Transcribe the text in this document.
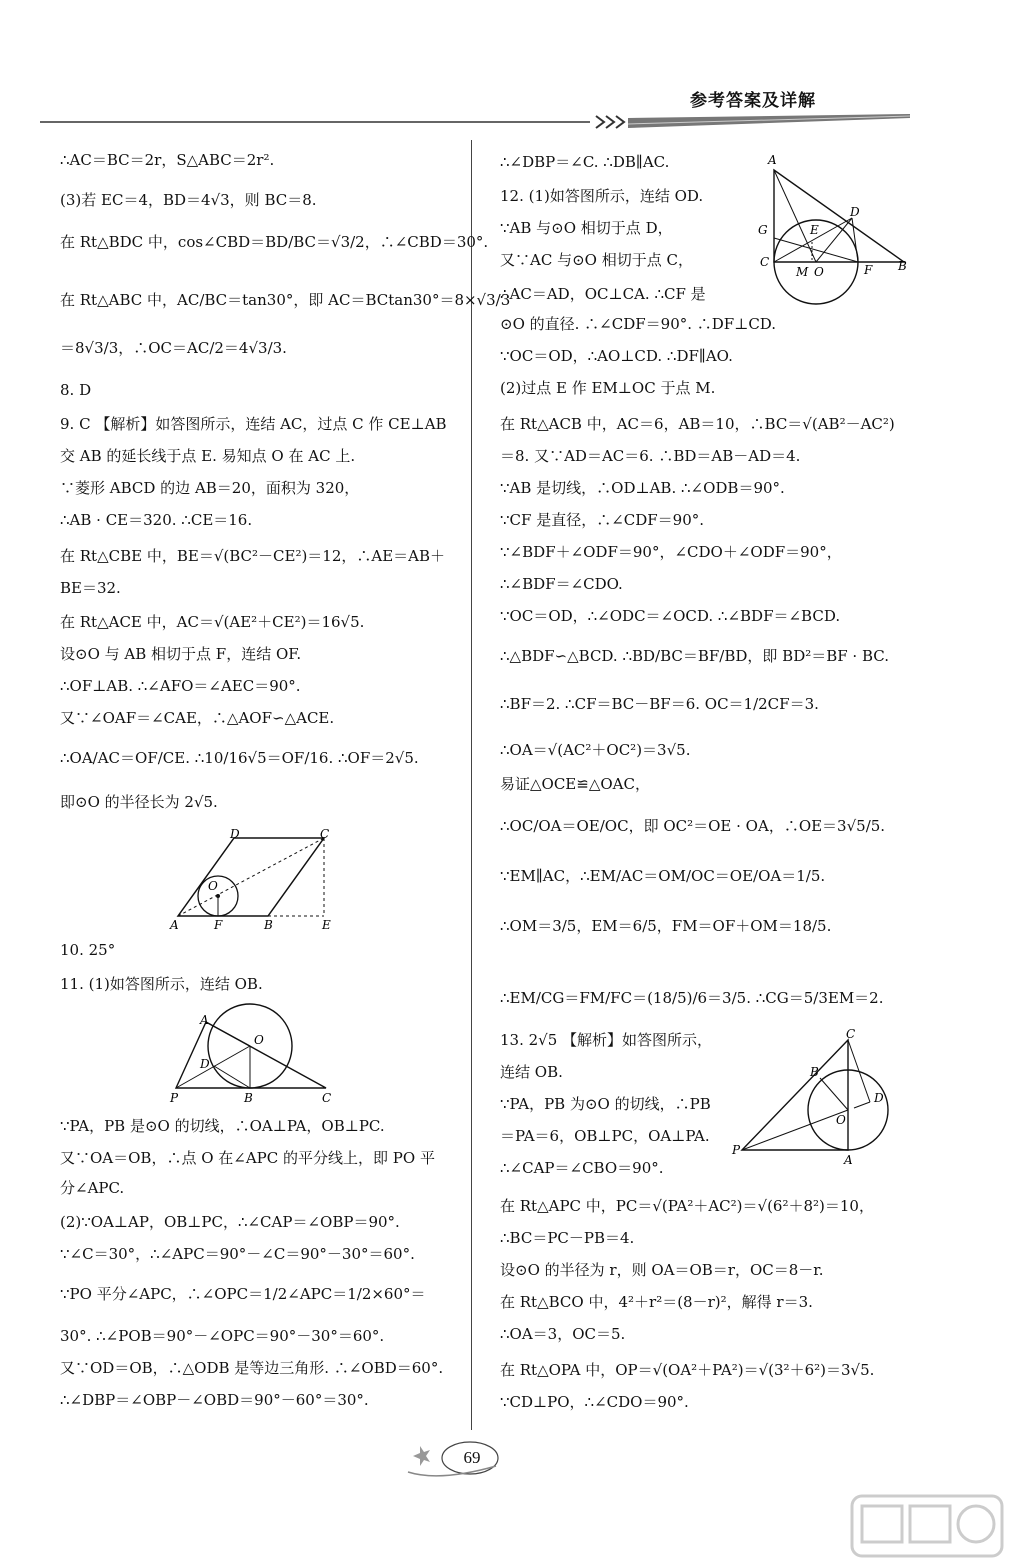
参考答案及详解
∴AC＝BC＝2r，S△ABC＝2r².
(3)若 EC＝4，BD＝4√3，则 BC＝8.
在 Rt△BDC 中，cos∠CBD＝BD/BC＝√3/2，∴∠CBD＝30°.
在 Rt△ABC 中，AC/BC＝tan30°，即 AC＝BCtan30°＝8×√3/3
＝8√3/3，∴OC＝AC/2＝4√3/3.
8. D
9. C 【解析】如答图所示，连结 AC，过点 C 作 CE⊥AB
交 AB 的延长线于点 E. 易知点 O 在 AC 上.
∵菱形 ABCD 的边 AB＝20，面积为 320，
∴AB · CE＝320. ∴CE＝16.
在 Rt△CBE 中，BE＝√(BC²－CE²)＝12，∴AE＝AB＋
BE＝32.
在 Rt△ACE 中，AC＝√(AE²＋CE²)＝16√5.
设⊙O 与 AB 相切于点 F，连结 OF.
∴OF⊥AB. ∴∠AFO＝∠AEC＝90°.
又∵∠OAF＝∠CAE，∴△AOF∽△ACE.
∴OA/AC＝OF/CE. ∴10/16√5＝OF/16. ∴OF＝2√5.
即⊙O 的半径长为 2√5.
D	C
O
A	F	B	E
10. 25°
11. (1)如答图所示，连结 OB.
A
O
D
P	B	C
∵PA，PB 是⊙O 的切线，∴OA⊥PA，OB⊥PC.
又∵OA＝OB，∴点 O 在∠APC 的平分线上，即 PO 平
分∠APC.
(2)∵OA⊥AP，OB⊥PC，∴∠CAP＝∠OBP＝90°.
∵∠C＝30°，∴∠APC＝90°－∠C＝90°－30°＝60°.
∵PO 平分∠APC，∴∠OPC＝1/2∠APC＝1/2×60°＝
30°. ∴∠POB＝90°－∠OPC＝90°－30°＝60°.
又∵OD＝OB，∴△ODB 是等边三角形. ∴∠OBD＝60°.
∴∠DBP＝∠OBP－∠OBD＝90°－60°＝30°.
∴∠DBP＝∠C. ∴DB∥AC.
12. (1)如答图所示，连结 OD.
∵AB 与⊙O 相切于点 D，
又∵AC 与⊙O 相切于点 C，
∴AC＝AD，OC⊥CA. ∴CF 是
⊙O 的直径. ∴∠CDF＝90°. ∴DF⊥CD.
∵OC＝OD，∴AO⊥CD. ∴DF∥AO.
(2)过点 E 作 EM⊥OC 于点 M.
A
G
D
E
C
M O	F B
在 Rt△ACB 中，AC＝6，AB＝10，∴BC＝√(AB²－AC²)
＝8. 又∵AD＝AC＝6. ∴BD＝AB－AD＝4.
∵AB 是切线，∴OD⊥AB. ∴∠ODB＝90°.
∵CF 是直径，∴∠CDF＝90°.
∵∠BDF＋∠ODF＝90°，∠CDO＋∠ODF＝90°，
∴∠BDF＝∠CDO.
∵OC＝OD，∴∠ODC＝∠OCD. ∴∠BDF＝∠BCD.
∴△BDF∽△BCD. ∴BD/BC＝BF/BD，即 BD²＝BF · BC.
∴BF＝2. ∴CF＝BC－BF＝6. OC＝1/2CF＝3.
∴OA＝√(AC²＋OC²)＝3√5.
易证△OCE≌△OAC，
∴OC/OA＝OE/OC，即 OC²＝OE · OA，∴OE＝3√5/5.
∵EM∥AC，∴EM/AC＝OM/OC＝OE/OA＝1/5.
∴OM＝3/5，EM＝6/5，FM＝OF＋OM＝18/5.
∴EM/CG＝FM/FC＝(18/5)/6＝3/5. ∴CG＝5/3EM＝2.
13. 2√5 【解析】如答图所示，
连结 OB.
∵PA，PB 为⊙O 的切线，∴PB
＝PA＝6，OB⊥PC，OA⊥PA.
∴∠CAP＝∠CBO＝90°.
C
B
D
O
P
A
在 Rt△APC 中，PC＝√(PA²＋AC²)＝√(6²＋8²)＝10，
∴BC＝PC－PB＝4.
设⊙O 的半径为 r，则 OA＝OB＝r，OC＝8－r.
在 Rt△BCO 中，4²＋r²＝(8－r)²，解得 r＝3.
∴OA＝3，OC＝5.
在 Rt△OPA 中，OP＝√(OA²＋PA²)＝√(3²＋6²)＝3√5.
∵CD⊥PO，∴∠CDO＝90°.
69
